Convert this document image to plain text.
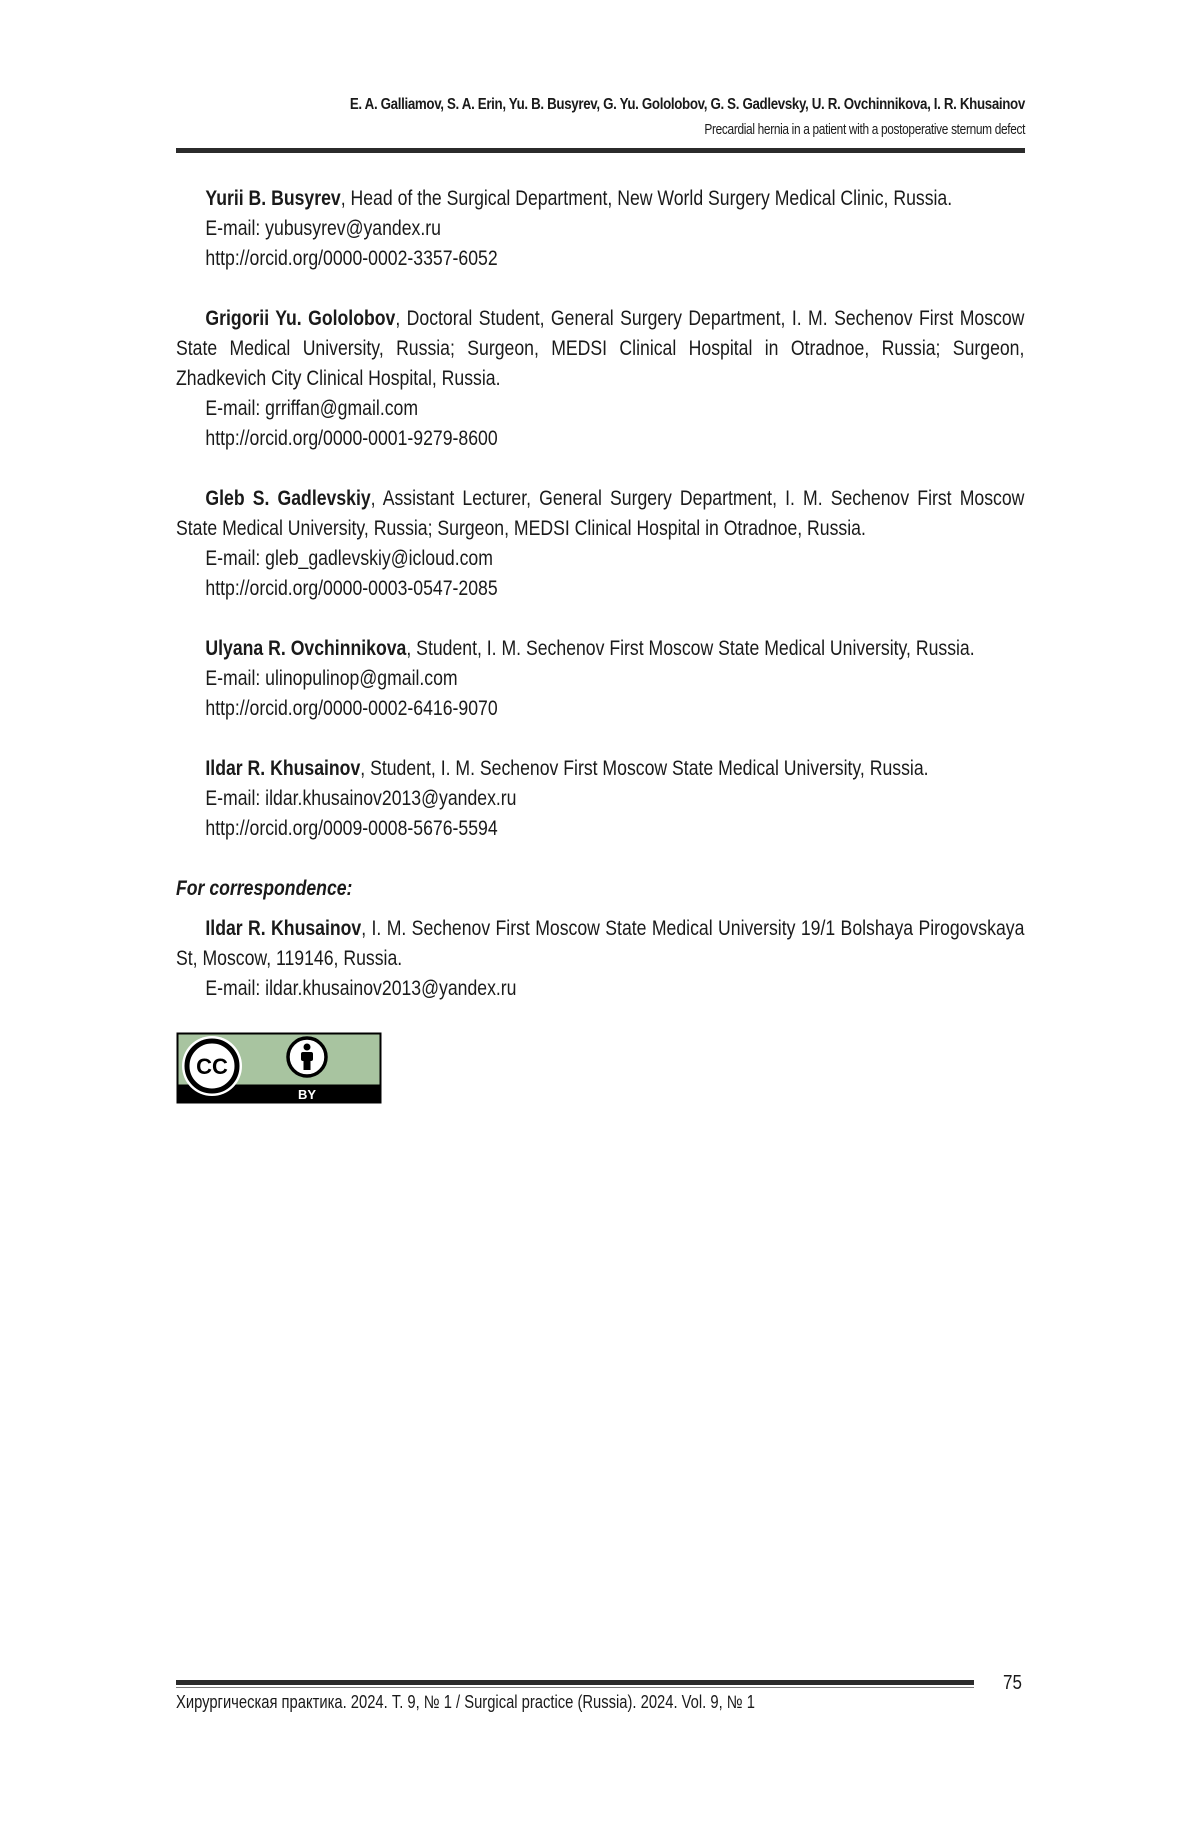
E. A. Galliamov, S. A. Erin, Yu. B. Busyrev, G. Yu. Gololobov, G. S. Gadlevsky, U. R. Ovchinnikova, I. R. Khusainov
Precardial hernia in a patient with a postoperative sternum defect

Yurii B. Busyrev, Head of the Surgical Department, New World Surgery Medical Clinic, Russia.

E-mail: yubusyrev@yandex.ru

http://orcid.org/0000-0002-3357-6052

Grigorii Yu. Gololobov, Doctoral Student, General Surgery Department, I. M. Sechenov First Moscow State Medical University, Russia; Surgeon, MEDSI Clinical Hospital in Otradnoe, Russia; Surgeon, Zhadkevich City Clinical Hospital, Russia.

E-mail: grriffan@gmail.com

http://orcid.org/0000-0001-9279-8600

Gleb S. Gadlevskiy, Assistant Lecturer, General Surgery Department, I. M. Sechenov First Moscow State Medical University, Russia; Surgeon, MEDSI Clinical Hospital in Otradnoe, Russia.

E-mail: gleb_gadlevskiy@icloud.com

http://orcid.org/0000-0003-0547-2085

Ulyana R. Ovchinnikova, Student, I. M. Sechenov First Moscow State Medical University, Russia.

E-mail: ulinopulinop@gmail.com

http://orcid.org/0000-0002-6416-9070

Ildar R. Khusainov, Student, I. M. Sechenov First Moscow State Medical University, Russia.

E-mail: ildar.khusainov2013@yandex.ru

http://orcid.org/0009-0008-5676-5594

For correspondence:

Ildar R. Khusainov, I. M. Sechenov First Moscow State Medical University 19/1 Bolshaya Pirogovskaya St, Moscow, 119146, Russia.

E-mail: ildar.khusainov2013@yandex.ru

CC
BY
75
Хирургическая практика. 2024. Т. 9, № 1 / Surgical practice (Russia). 2024. Vol. 9, № 1
